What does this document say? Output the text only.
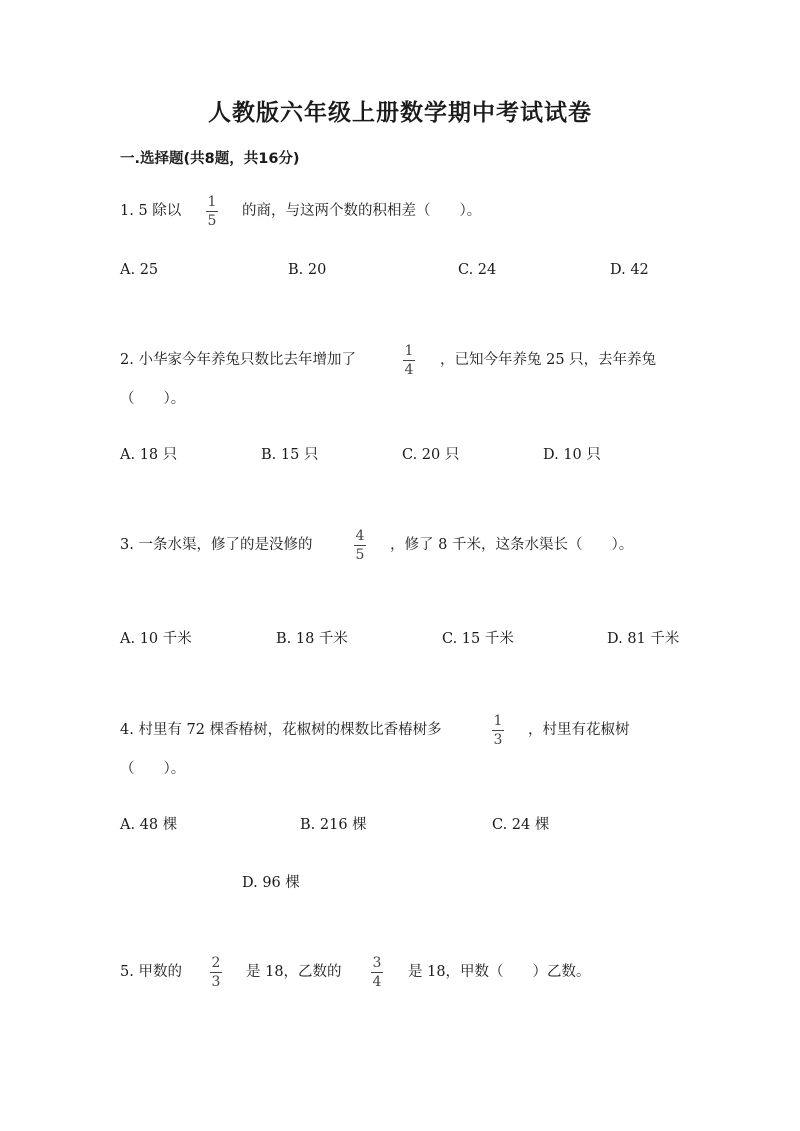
人教版六年级上册数学期中考试试卷
一.选择题(共8题，共16分)
1. 5 除以
1
5
的商，与这两个数的积相差（　　）。
A. 25	B. 20	C. 24	D. 42
2. 小华家今年养兔只数比去年增加了
1
4
，已知今年养兔 25 只，去年养兔
（　　）。
A. 18 只	B. 15 只	C. 20 只	D. 10 只
3. 一条水渠，修了的是没修的
4
5
，修了 8 千米，这条水渠长（　　）。
A. 10 千米	B. 18 千米	C. 15 千米	D. 81 千米
4. 村里有 72 棵香椿树，花椒树的棵数比香椿树多
1
3
，村里有花椒树
（　　）。
A. 48 棵	B. 216 棵	C. 24 棵
D. 96 棵
5. 甲数的
2
3
是 18，乙数的
3
4
是 18，甲数（　　）乙数。
